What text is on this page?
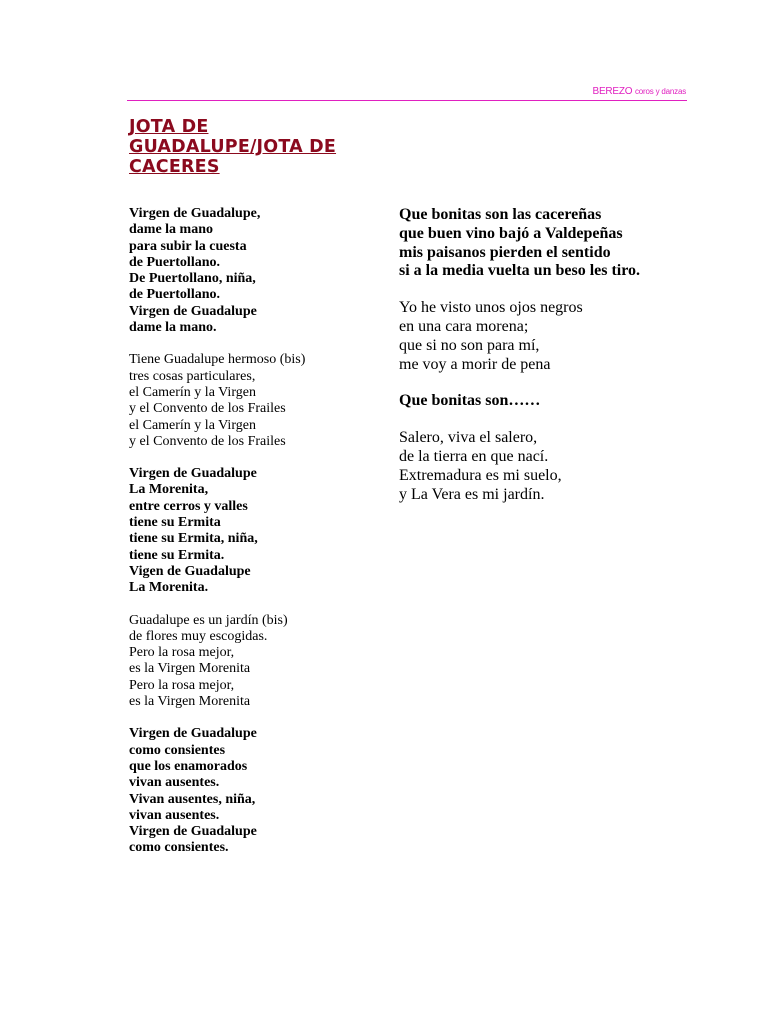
BEREZO coros y danzas
JOTA DE GUADALUPE/JOTA DE CACERES

Virgen de Guadalupe,
dame la mano
para subir la cuesta
de Puertollano.
De Puertollano, niña,
de Puertollano.
Virgen de Guadalupe
dame la mano.

Tiene Guadalupe hermoso (bis)
tres cosas particulares,
el Camerín y la Virgen
y el Convento de los Frailes
el Camerín y la Virgen
y el Convento de los Frailes

Virgen de Guadalupe
La Morenita,
entre cerros y valles
tiene su Ermita
tiene su Ermita, niña,
tiene su Ermita.
Vigen de Guadalupe
La Morenita.

Guadalupe es un jardín (bis)
de flores muy escogidas.
Pero la rosa mejor,
es la Virgen Morenita
Pero la rosa mejor,
es la Virgen Morenita

Virgen de Guadalupe
como consientes
que los enamorados
vivan ausentes.
Vivan ausentes, niña,
vivan ausentes.
Virgen de Guadalupe
como consientes.

Que bonitas son las cacereñas
que buen vino bajó a Valdepeñas
mis paisanos pierden el sentido
si a la media vuelta un beso les tiro.

Yo he visto unos ojos negros
en una cara morena;
que si no son para mí,
me voy a morir de pena

Que bonitas son……

Salero, viva el salero,
de la tierra en que nací.
Extremadura es mi suelo,
y La Vera es mi jardín.
